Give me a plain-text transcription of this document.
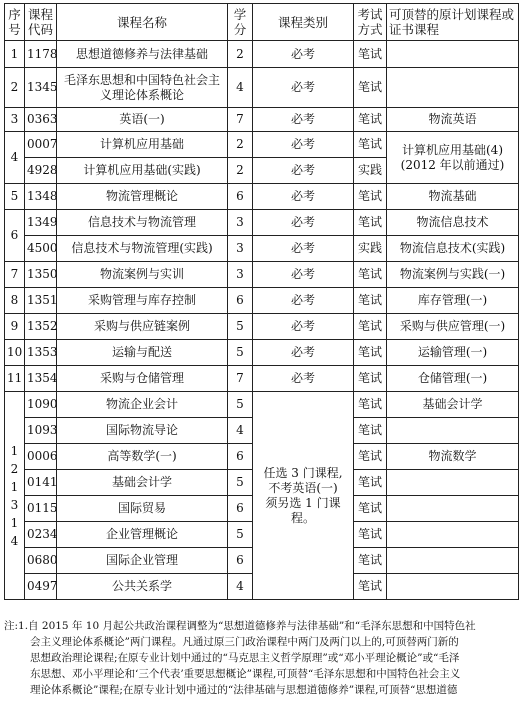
序号	课程代码	课程名称	学分	课程类别	考试方式	可顶替的原计划课程或证书课程
1	1178	思想道德修养与法律基础	2	必考	笔试	
2	1345	毛泽东思想和中国特色社会主义理论体系概论	4	必考	笔试	
3	0363	英语(一)	7	必考	笔试	物流英语
4	0007	计算机应用基础	2	必考	笔试	计算机应用基础(4)(2012 年以前通过)
	4928	计算机应用基础(实践)	2	必考	实践	
5	1348	物流管理概论	6	必考	笔试	物流基础
6	1349	信息技术与物流管理	3	必考	笔试	物流信息技术
	4500	信息技术与物流管理(实践)	3	必考	实践	物流信息技术(实践)
7	1350	物流案例与实训	3	必考	笔试	物流案例与实践(一)
8	1351	采购管理与库存控制	6	必考	笔试	库存管理(一)
9	1352	采购与供应链案例	5	必考	笔试	采购与供应管理(一)
10	1353	运输与配送	5	必考	笔试	运输管理(一)
11	1354	采购与仓储管理	7	必考	笔试	仓储管理(一)
12 13 14	1090	物流企业会计	5	任选 3 门课程,不考英语(一)须另选 1 门课程。	笔试	基础会计学
	1093	国际物流导论	4		笔试	
	0006	高等数学(一)	6		笔试	物流数学
	0141	基础会计学	5		笔试	
	0115	国际贸易	6		笔试	
	0234	企业管理概论	5		笔试	
	0680	国际企业管理	6		笔试	
	0497	公共关系学	4		笔试	
注:1.自 2015 年 10 月起公共政治课程调整为“思想道德修养与法律基础”和“毛泽东思想和中国特色社
会主义理论体系概论”两门课程。凡通过原三门政治课程中两门及两门以上的,可顶替两门新的
思想政治理论课程;在原专业计划中通过的“马克思主义哲学原理”或“邓小平理论概论”或“毛泽
东思想、邓小平理论和‘三个代表’重要思想概论”课程,可顶替“毛泽东思想和中国特色社会主义
理论体系概论”课程;在原专业计划中通过的“法律基础与思想道德修养”课程,可顶替“思想道德
